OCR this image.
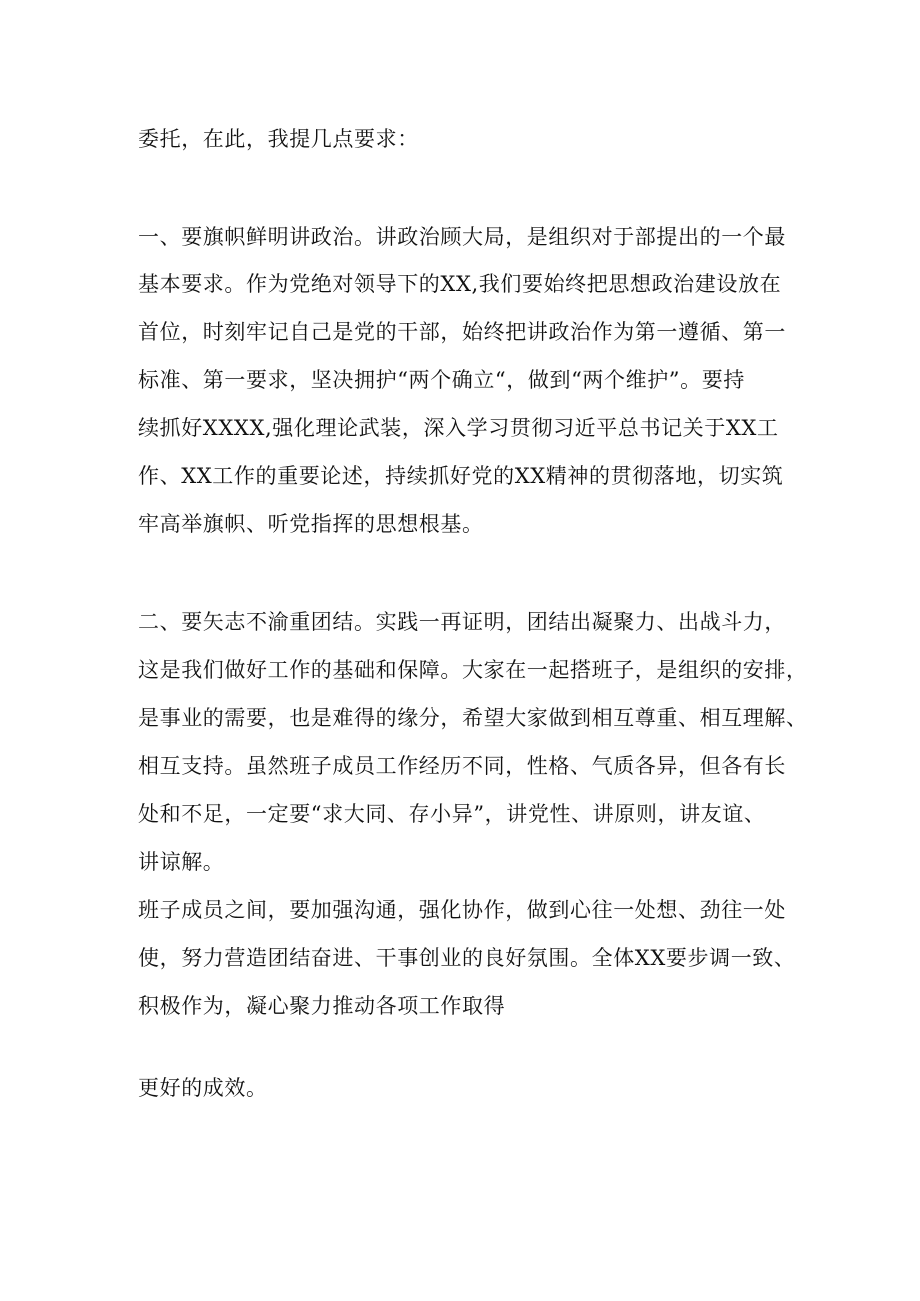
委托，在此，我提几点要求：
一、要旗帜鲜明讲政治。讲政治顾大局，是组织对于部提出的一个最
基本要求。作为党绝对领导下的XX,我们要始终把思想政治建设放在
首位，时刻牢记自己是党的干部，始终把讲政治作为第一遵循、第一
标准、第一要求，坚决拥护“两个确立“，做到“两个维护”。要持
续抓好XXXX,强化理论武装，深入学习贯彻习近平总书记关于XX工
作、XX工作的重要论述，持续抓好党的XX精神的贯彻落地，切实筑
牢高举旗帜、听党指挥的思想根基。
二、要矢志不渝重团结。实践一再证明，团结出凝聚力、出战斗力，
这是我们做好工作的基础和保障。大家在一起搭班子，是组织的安排，
是事业的需要，也是难得的缘分，希望大家做到相互尊重、相互理解、
相互支持。虽然班子成员工作经历不同，性格、气质各异，但各有长
处和不足，一定要“求大同、存小异”，讲党性、讲原则，讲友谊、
讲谅解。
班子成员之间，要加强沟通，强化协作，做到心往一处想、劲往一处
使，努力营造团结奋进、干事创业的良好氛围。全体XX要步调一致、
积极作为，凝心聚力推动各项工作取得
更好的成效。
